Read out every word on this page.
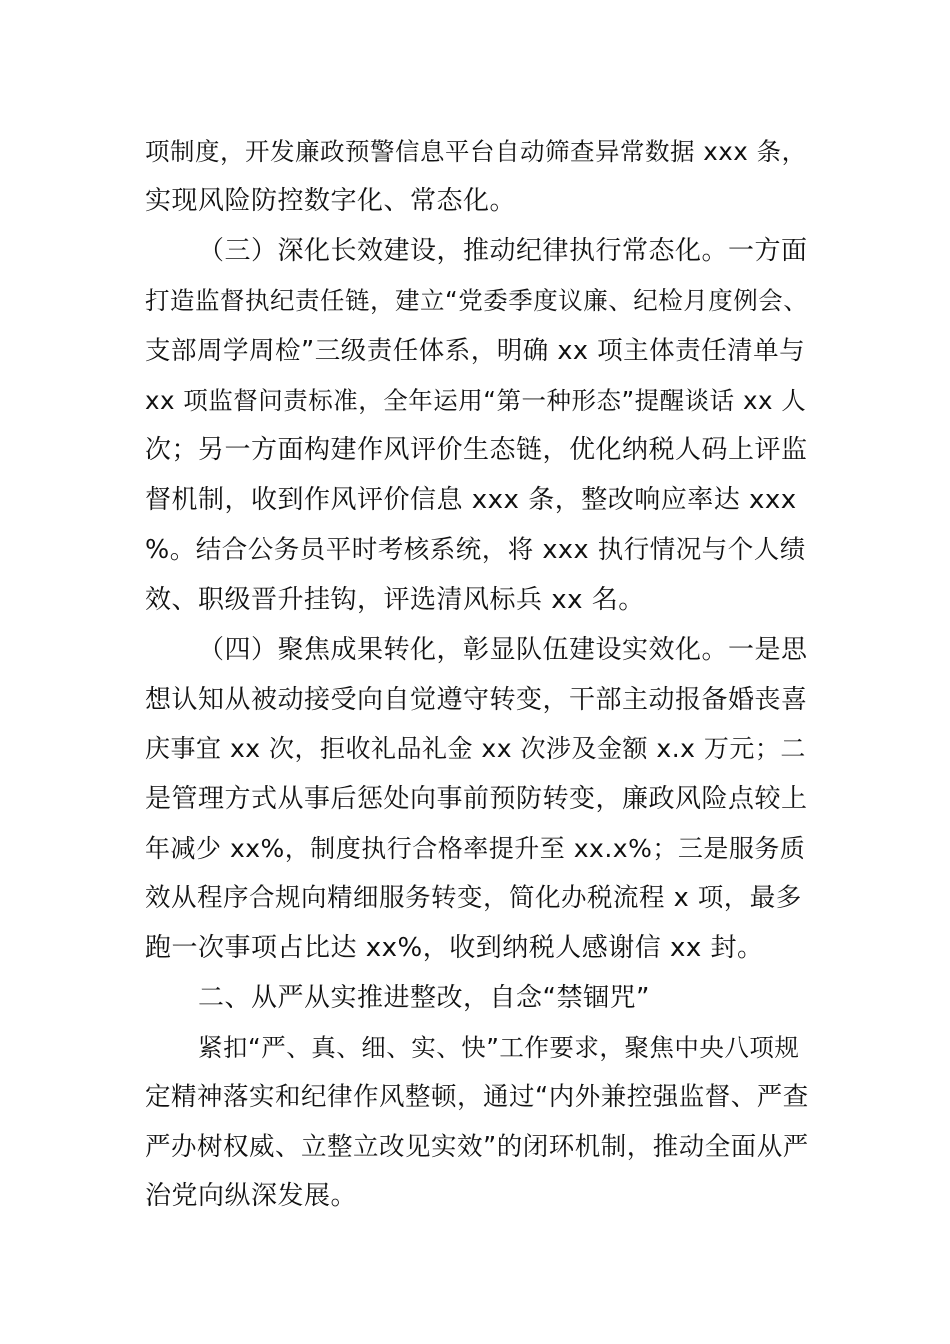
项制度，开发廉政预警信息平台自动筛查异常数据 xxx 条，
实现风险防控数字化、常态化。
（三）深化长效建设，推动纪律执行常态化。一方面
打造监督执纪责任链，建立“党委季度议廉、纪检月度例会、
支部周学周检”三级责任体系，明确 xx 项主体责任清单与
xx 项监督问责标准，全年运用“第一种形态”提醒谈话 xx 人
次；另一方面构建作风评价生态链，优化纳税人码上评监
督机制，收到作风评价信息 xxx 条，整改响应率达 xxx
%。结合公务员平时考核系统，将 xxx 执行情况与个人绩
效、职级晋升挂钩，评选清风标兵 xx 名。
（四）聚焦成果转化，彰显队伍建设实效化。一是思
想认知从被动接受向自觉遵守转变，干部主动报备婚丧喜
庆事宜 xx 次，拒收礼品礼金 xx 次涉及金额 x.x 万元；二
是管理方式从事后惩处向事前预防转变，廉政风险点较上
年减少 xx%，制度执行合格率提升至 xx.x%；三是服务质
效从程序合规向精细服务转变，简化办税流程 x 项，最多
跑一次事项占比达 xx%，收到纳税人感谢信 xx 封。
二、从严从实推进整改，自念“禁锢咒”
紧扣“严、真、细、实、快”工作要求，聚焦中央八项规
定精神落实和纪律作风整顿，通过“内外兼控强监督、严查
严办树权威、立整立改见实效”的闭环机制，推动全面从严
治党向纵深发展。
